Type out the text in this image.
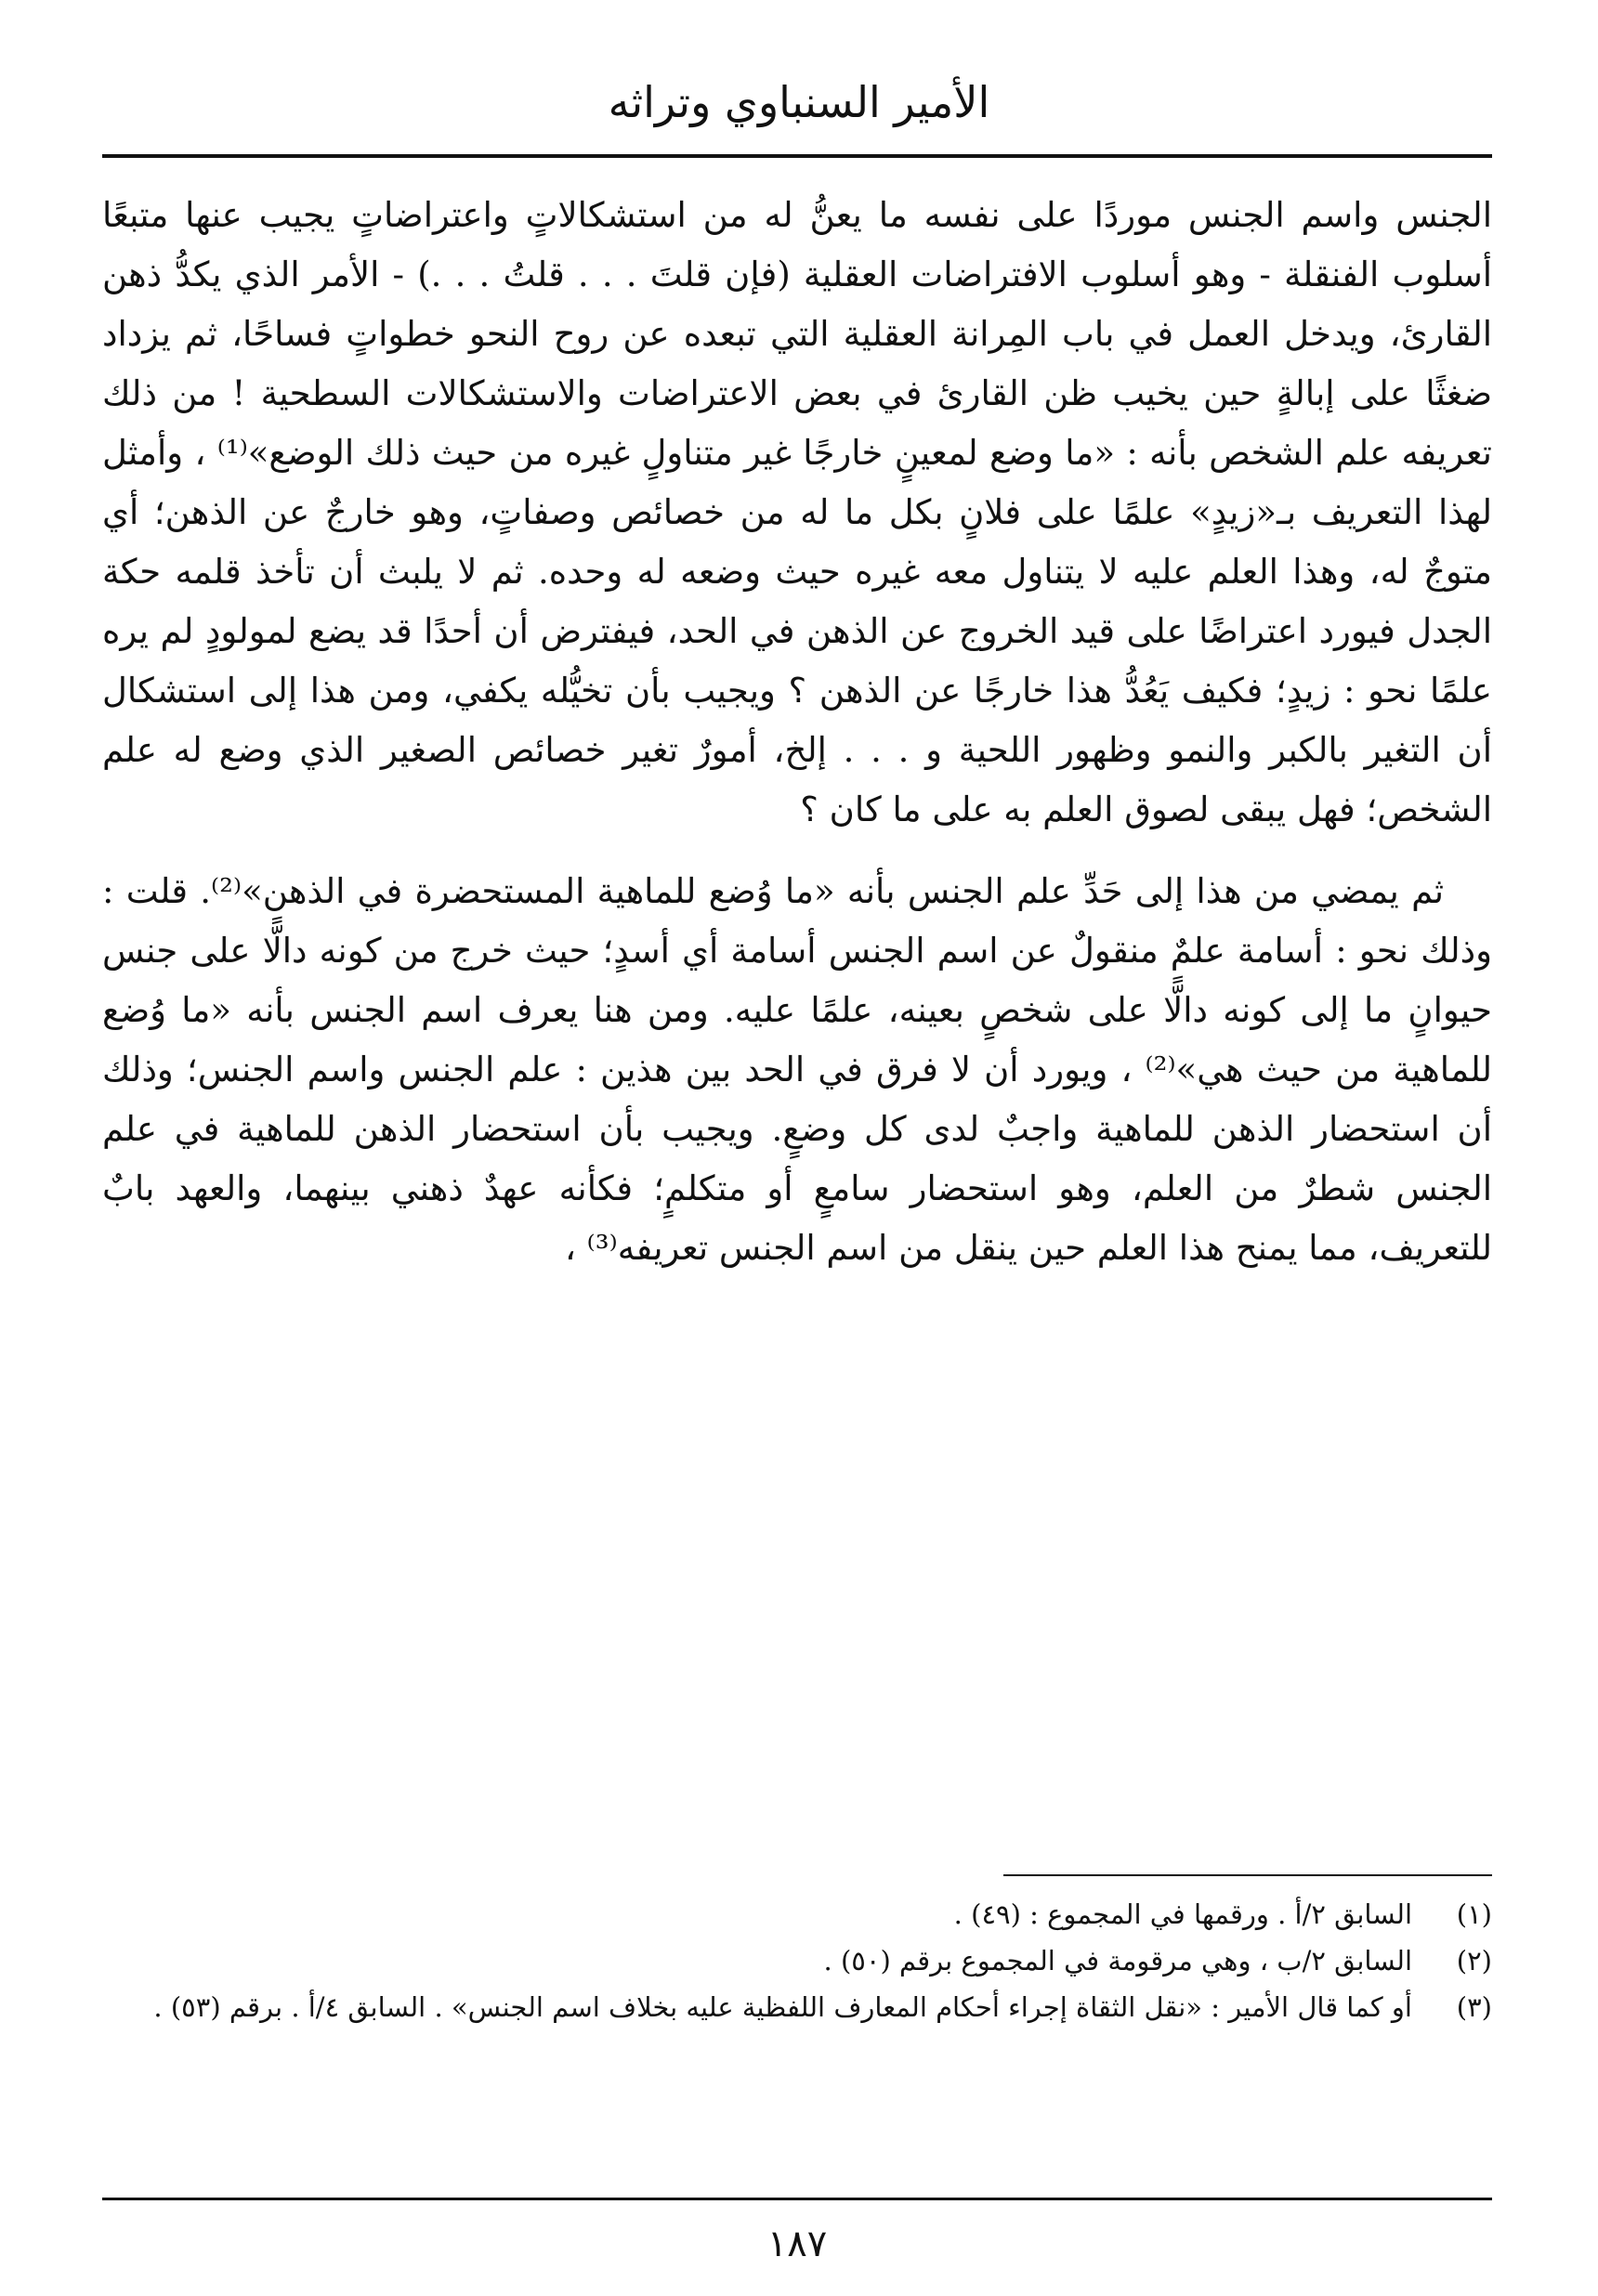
الأمير السنباوي وتراثه

الجنس واسم الجنس موردًا على نفسه ما يعنُّ له من استشكالاتٍ واعتراضاتٍ يجيب عنها متبعًا أسلوب الفنقلة - وهو أسلوب الافتراضات العقلية (فإن قلتَ . . . قلتُ . . .) - الأمر الذي يكدُّ ذهن القارئ، ويدخل العمل في باب المِرانة العقلية التي تبعده عن روح النحو خطواتٍ فساحًا، ثم يزداد ضغثًا على إبالةٍ حين يخيب ظن القارئ في بعض الاعتراضات والاستشكالات السطحية ! من ذلك تعريفه علم الشخص بأنه : «ما وضع لمعينٍ خارجًا غير متناولٍ غيره من حيث ذلك الوضع»⁽¹⁾ ، وأمثل لهذا التعريف بـ«زيدٍ» علمًا على فلانٍ بكل ما له من خصائص وصفاتٍ، وهو خارجٌ عن الذهن؛ أي متوجٌ له، وهذا العلم عليه لا يتناول معه غيره حيث وضعه له وحده. ثم لا يلبث أن تأخذ قلمه حكة الجدل فيورد اعتراضًا على قيد الخروج عن الذهن في الحد، فيفترض أن أحدًا قد يضع لمولودٍ لم يره علمًا نحو : زيدٍ؛ فكيف يَعُدُّ هذا خارجًا عن الذهن ؟ ويجيب بأن تخيُّله يكفي، ومن هذا إلى استشكال أن التغير بالكبر والنمو وظهور اللحية و . . . إلخ، أمورٌ تغير خصائص الصغير الذي وضع له علم الشخص؛ فهل يبقى لصوق العلم به على ما كان ؟

ثم يمضي من هذا إلى حَدِّ علم الجنس بأنه «ما وُضع للماهية المستحضرة في الذهن»⁽²⁾. قلت : وذلك نحو : أسامة علمٌ منقولٌ عن اسم الجنس أسامة أي أسدٍ؛ حيث خرج من كونه دالًّا على جنس حيوانٍ ما إلى كونه دالًّا على شخصٍ بعينه، علمًا عليه. ومن هنا يعرف اسم الجنس بأنه «ما وُضع للماهية من حيث هي»⁽²⁾ ، ويورد أن لا فرق في الحد بين هذين : علم الجنس واسم الجنس؛ وذلك أن استحضار الذهن للماهية واجبٌ لدى كل وضعٍ. ويجيب بأن استحضار الذهن للماهية في علم الجنس شطرٌ من العلم، وهو استحضار سامعٍ أو متكلمٍ؛ فكأنه عهدٌ ذهني بينهما، والعهد بابٌ للتعريف، مما يمنح هذا العلم حين ينقل من اسم الجنس تعريفه⁽³⁾ ،

(١)
السابق ٢/أ . ورقمها في المجموع : (٤٩) .
(٢)
السابق ٢/ب ، وهي مرقومة في المجموع برقم (٥٠) .
(٣)
أو كما قال الأمير : «نقل الثقاة إجراء أحكام المعارف اللفظية عليه بخلاف اسم الجنس» . السابق ٤/أ . برقم (٥٣) .
١٨٧
